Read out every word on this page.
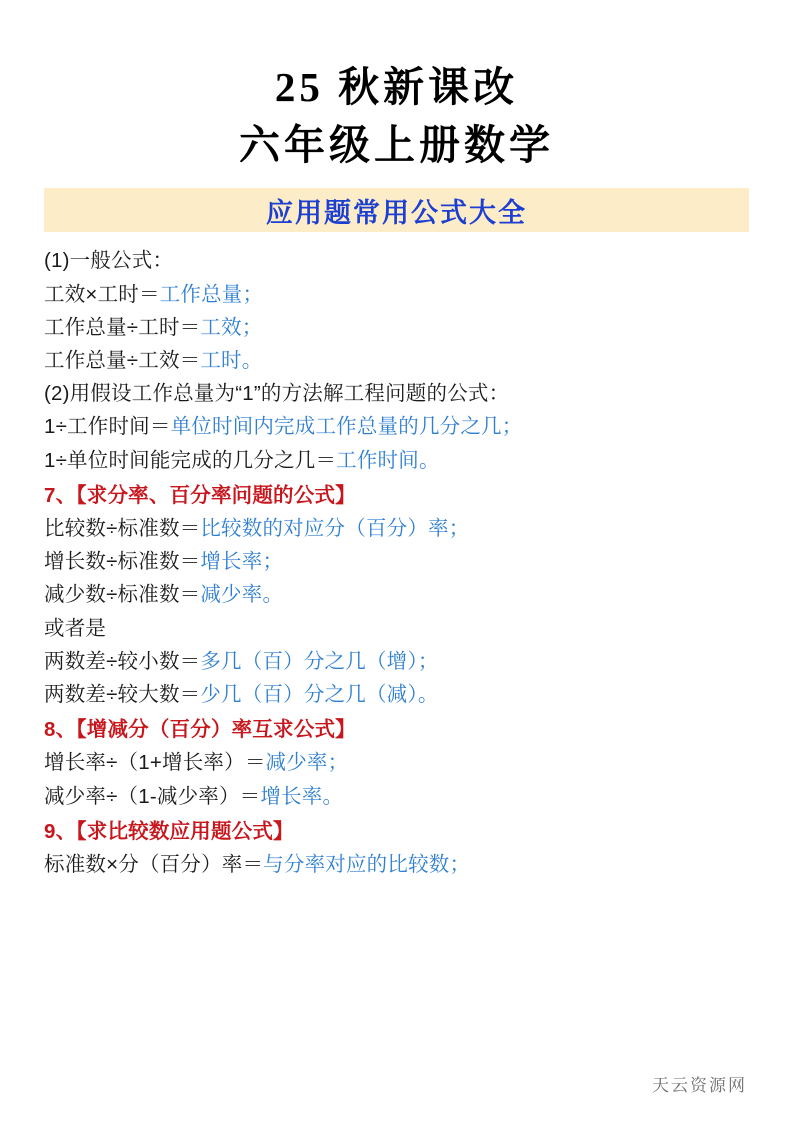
25 秋新课改
六年级上册数学
应用题常用公式大全
(1)一般公式：
工效×工时＝工作总量；
工作总量÷工时＝工效；
工作总量÷工效＝工时。
(2)用假设工作总量为“1”的方法解工程问题的公式：
1÷工作时间＝单位时间内完成工作总量的几分之几；
1÷单位时间能完成的几分之几＝工作时间。
7、【求分率、百分率问题的公式】
比较数÷标准数＝比较数的对应分（百分）率；
增长数÷标准数＝增长率；
减少数÷标准数＝减少率。
或者是
两数差÷较小数＝多几（百）分之几（增）；
两数差÷较大数＝少几（百）分之几（减）。
8、【增减分（百分）率互求公式】
增长率÷（1+增长率）＝减少率；
减少率÷（1-减少率）＝增长率。
9、【求比较数应用题公式】
标准数×分（百分）率＝与分率对应的比较数；
天云资源网
